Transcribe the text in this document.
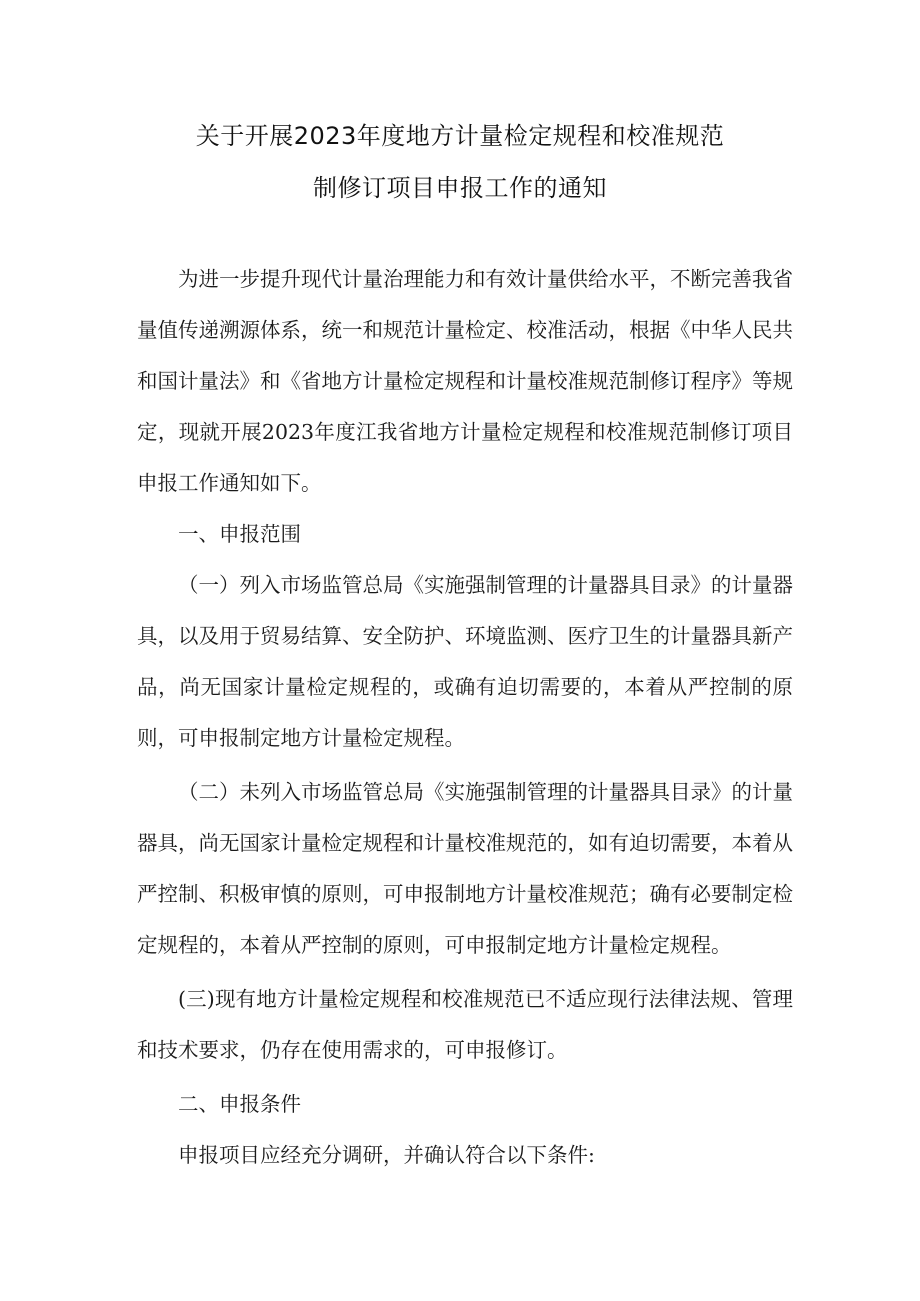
关于开展2023年度地方计量检定规程和校准规范
制修订项目申报工作的通知

为进一步提升现代计量治理能力和有效计量供给水平，不断完善我省量值传递溯源体系，统一和规范计量检定、校准活动，根据《中华人民共和国计量法》和《省地方计量检定规程和计量校准规范制修订程序》等规定，现就开展2023年度江我省地方计量检定规程和校准规范制修订项目申报工作通知如下。

一、申报范围

（一）列入市场监管总局《实施强制管理的计量器具目录》的计量器具，以及用于贸易结算、安全防护、环境监测、医疗卫生的计量器具新产品，尚无国家计量检定规程的，或确有迫切需要的，本着从严控制的原则，可申报制定地方计量检定规程。

（二）未列入市场监管总局《实施强制管理的计量器具目录》的计量器具，尚无国家计量检定规程和计量校准规范的，如有迫切需要，本着从严控制、积极审慎的原则，可申报制地方计量校准规范；确有必要制定检定规程的，本着从严控制的原则，可申报制定地方计量检定规程。

(三)现有地方计量检定规程和校准规范已不适应现行法律法规、管理和技术要求，仍存在使用需求的，可申报修订。

二、申报条件

申报项目应经充分调研，并确认符合以下条件:
